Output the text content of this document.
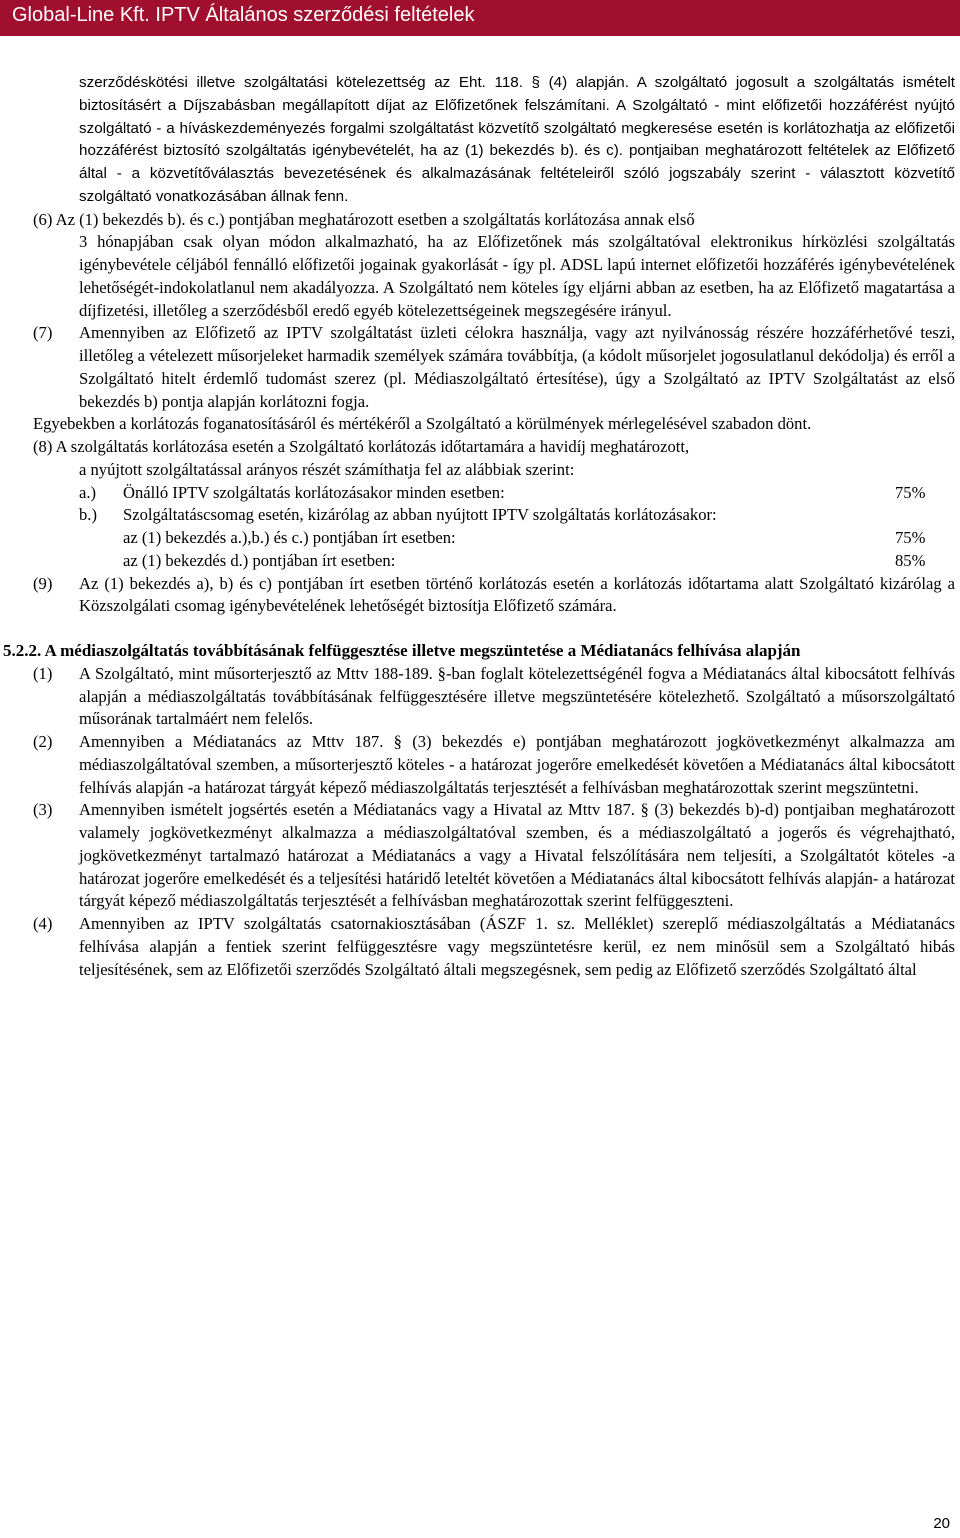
Global-Line Kft. IPTV Általános szerződési feltételek

szerződéskötési illetve szolgáltatási kötelezettség az Eht. 118. § (4) alapján. A szolgáltató jogosult a szolgáltatás ismételt biztosításért a Díjszabásban megállapított díjat az Előfizetőnek felszámítani. A Szolgáltató - mint előfizetői hozzáférést nyújtó szolgáltató - a híváskezdeményezés forgalmi szolgáltatást közvetítő szolgáltató megkeresése esetén is korlátozhatja az előfizetői hozzáférést biztosító szolgáltatás igénybevételét, ha az (1) bekezdés b). és c). pontjaiban meghatározott feltételek az Előfizető által - a közvetítőválasztás bevezetésének és alkalmazásának feltételeiről szóló jogszabály szerint - választott közvetítő szolgáltató vonatkozásában állnak fenn.

(6) Az (1) bekezdés b). és c.) pontjában meghatározott esetben a szolgáltatás korlátozása annak első

3 hónapjában csak olyan módon alkalmazható, ha az Előfizetőnek más szolgáltatóval elektronikus hírközlési szolgáltatás igénybevétele céljából fennálló előfizetői jogainak gyakorlását - így pl. ADSL lapú internet előfizetői hozzáférés igénybevételének lehetőségét-indokolatlanul nem akadályozza. A Szolgáltató nem köteles így eljárni abban az esetben, ha az Előfizető magatartása a díjfizetési, illetőleg a szerződésből eredő egyéb kötelezettségeinek megszegésére irányul.

(7) Amennyiben az Előfizető az IPTV szolgáltatást üzleti célokra használja, vagy azt nyilvánosság részére hozzáférhetővé teszi, illetőleg a vételezett műsorjeleket harmadik személyek számára továbbítja, (a kódolt műsorjelet jogosulatlanul dekódolja) és erről a Szolgáltató hitelt érdemlő tudomást szerez (pl. Médiaszolgáltató értesítése), úgy a Szolgáltató az IPTV Szolgáltatást az első bekezdés b) pontja alapján korlátozni fogja.

Egyebekben a korlátozás foganatosításáról és mértékéről a Szolgáltató a körülmények mérlegelésével szabadon dönt.

(8) A szolgáltatás korlátozása esetén a Szolgáltató korlátozás időtartamára a havidíj meghatározott,

a nyújtott szolgáltatással arányos részét számíthatja fel az alábbiak szerint:

a.) Önálló IPTV szolgáltatás korlátozásakor minden esetben:	75%
b.) Szolgáltatáscsomag esetén, kizárólag az abban nyújtott IPTV szolgáltatás korlátozásakor:
az (1) bekezdés a.),b.) és c.) pontjában írt esetben:	75%
az (1) bekezdés d.) pontjában írt esetben:	85%
(9) Az (1) bekezdés a), b) és c) pontjában írt esetben történő korlátozás esetén a korlátozás időtartama alatt Szolgáltató kizárólag a Közszolgálati csomag igénybevételének lehetőségét biztosítja Előfizető számára.

5.2.2. A médiaszolgáltatás továbbításának felfüggesztése illetve megszüntetése a Médiatanács felhívása alapján

(1) A Szolgáltató, mint műsorterjesztő az Mttv 188-189. §-ban foglalt kötelezettségénél fogva a Médiatanács által kibocsátott felhívás alapján a médiaszolgáltatás továbbításának felfüggesztésére illetve megszüntetésére kötelezhető. Szolgáltató a műsorszolgáltató műsorának tartalmáért nem felelős.

(2) Amennyiben a Médiatanács az Mttv 187. § (3) bekezdés e) pontjában meghatározott jogkövetkezményt alkalmazza am médiaszolgáltatóval szemben, a műsorterjesztő köteles - a határozat jogerőre emelkedését követően a Médiatanács által kibocsátott felhívás alapján -a határozat tárgyát képező médiaszolgáltatás terjesztését a felhívásban meghatározottak szerint megszüntetni.

(3) Amennyiben ismételt jogsértés esetén a Médiatanács vagy a Hivatal az Mttv 187. § (3) bekezdés b)-d) pontjaiban meghatározott valamely jogkövetkezményt alkalmazza a médiaszolgáltatóval szemben, és a médiaszolgáltató a jogerős és végrehajtható, jogkövetkezményt tartalmazó határozat a Médiatanács a vagy a Hivatal felszólítására nem teljesíti, a Szolgáltatót köteles -a határozat jogerőre emelkedését és a teljesítési határidő leteltét követően a Médiatanács által kibocsátott felhívás alapján- a határozat tárgyát képező médiaszolgáltatás terjesztését a felhívásban meghatározottak szerint felfüggeszteni.

(4) Amennyiben az IPTV szolgáltatás csatornakiosztásában (ÁSZF 1. sz. Melléklet) szereplő médiaszolgáltatás a Médiatanács felhívása alapján a fentiek szerint felfüggesztésre vagy megszüntetésre kerül, ez nem minősül sem a Szolgáltató hibás teljesítésének, sem az Előfizetői szerződés Szolgáltató általi megszegésnek, sem pedig az Előfizető szerződés Szolgáltató által

20
